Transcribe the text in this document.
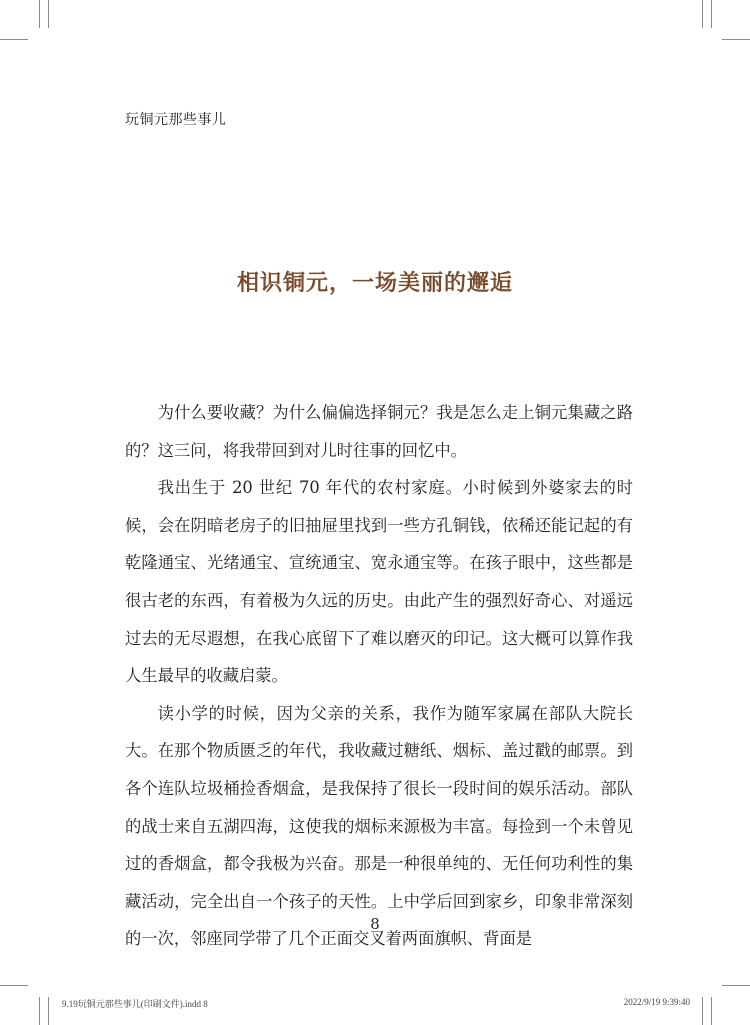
玩铜元那些事儿
相识铜元，一场美丽的邂逅

为什么要收藏？为什么偏偏选择铜元？我是怎么走上铜元集藏之路的？这三问，将我带回到对儿时往事的回忆中。

我出生于 20 世纪 70 年代的农村家庭。小时候到外婆家去的时候，会在阴暗老房子的旧抽屉里找到一些方孔铜钱，依稀还能记起的有乾隆通宝、光绪通宝、宣统通宝、宽永通宝等。在孩子眼中，这些都是很古老的东西，有着极为久远的历史。由此产生的强烈好奇心、对遥远过去的无尽遐想，在我心底留下了难以磨灭的印记。这大概可以算作我人生最早的收藏启蒙。

读小学的时候，因为父亲的关系，我作为随军家属在部队大院长大。在那个物质匮乏的年代，我收藏过糖纸、烟标、盖过戳的邮票。到各个连队垃圾桶捡香烟盒，是我保持了很长一段时间的娱乐活动。部队的战士来自五湖四海，这使我的烟标来源极为丰富。每捡到一个未曾见过的香烟盒，都令我极为兴奋。那是一种很单纯的、无任何功利性的集藏活动，完全出自一个孩子的天性。上中学后回到家乡，印象非常深刻的一次，邻座同学带了几个正面交叉着两面旗帜、背面是

8
9.19玩铜元那些事儿(印刷文件).indd 8	2022/9/19 9:39:40
